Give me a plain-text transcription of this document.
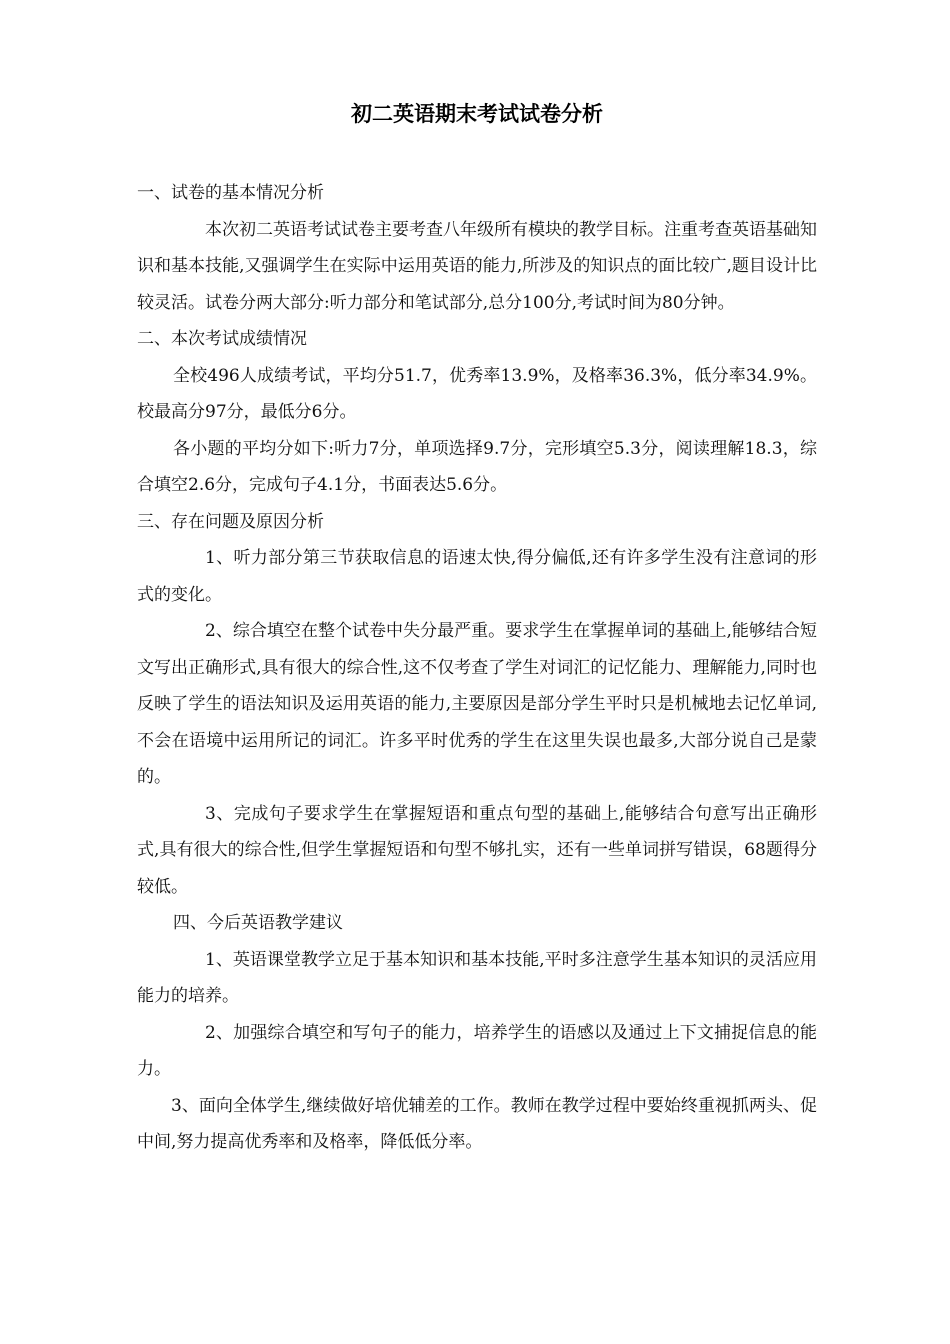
初二英语期末考试试卷分析

一、试卷的基本情况分析

本次初二英语考试试卷主要考查八年级所有模块的教学目标。注重考查英语基础知识和基本技能,又强调学生在实际中运用英语的能力,所涉及的知识点的面比较广,题目设计比较灵活。试卷分两大部分:听力部分和笔试部分,总分100分,考试时间为80分钟。

二、本次考试成绩情况

全校496人成绩考试，平均分51.7，优秀率13.9%，及格率36.3%，低分率34.9%。校最高分97分，最低分6分。

各小题的平均分如下:听力7分，单项选择9.7分，完形填空5.3分，阅读理解18.3，综合填空2.6分，完成句子4.1分，书面表达5.6分。

三、存在问题及原因分析

1、听力部分第三节获取信息的语速太快,得分偏低,还有许多学生没有注意词的形式的变化。

2、综合填空在整个试卷中失分最严重。要求学生在掌握单词的基础上,能够结合短文写出正确形式,具有很大的综合性,这不仅考查了学生对词汇的记忆能力、理解能力,同时也反映了学生的语法知识及运用英语的能力,主要原因是部分学生平时只是机械地去记忆单词,不会在语境中运用所记的词汇。许多平时优秀的学生在这里失误也最多,大部分说自己是蒙的。

3、完成句子要求学生在掌握短语和重点句型的基础上,能够结合句意写出正确形式,具有很大的综合性,但学生掌握短语和句型不够扎实，还有一些单词拼写错误，68题得分较低。

四、今后英语教学建议

1、英语课堂教学立足于基本知识和基本技能,平时多注意学生基本知识的灵活应用能力的培养。

2、加强综合填空和写句子的能力，培养学生的语感以及通过上下文捕捉信息的能力。

3、面向全体学生,继续做好培优辅差的工作。教师在教学过程中要始终重视抓两头、促中间,努力提高优秀率和及格率，降低低分率。
